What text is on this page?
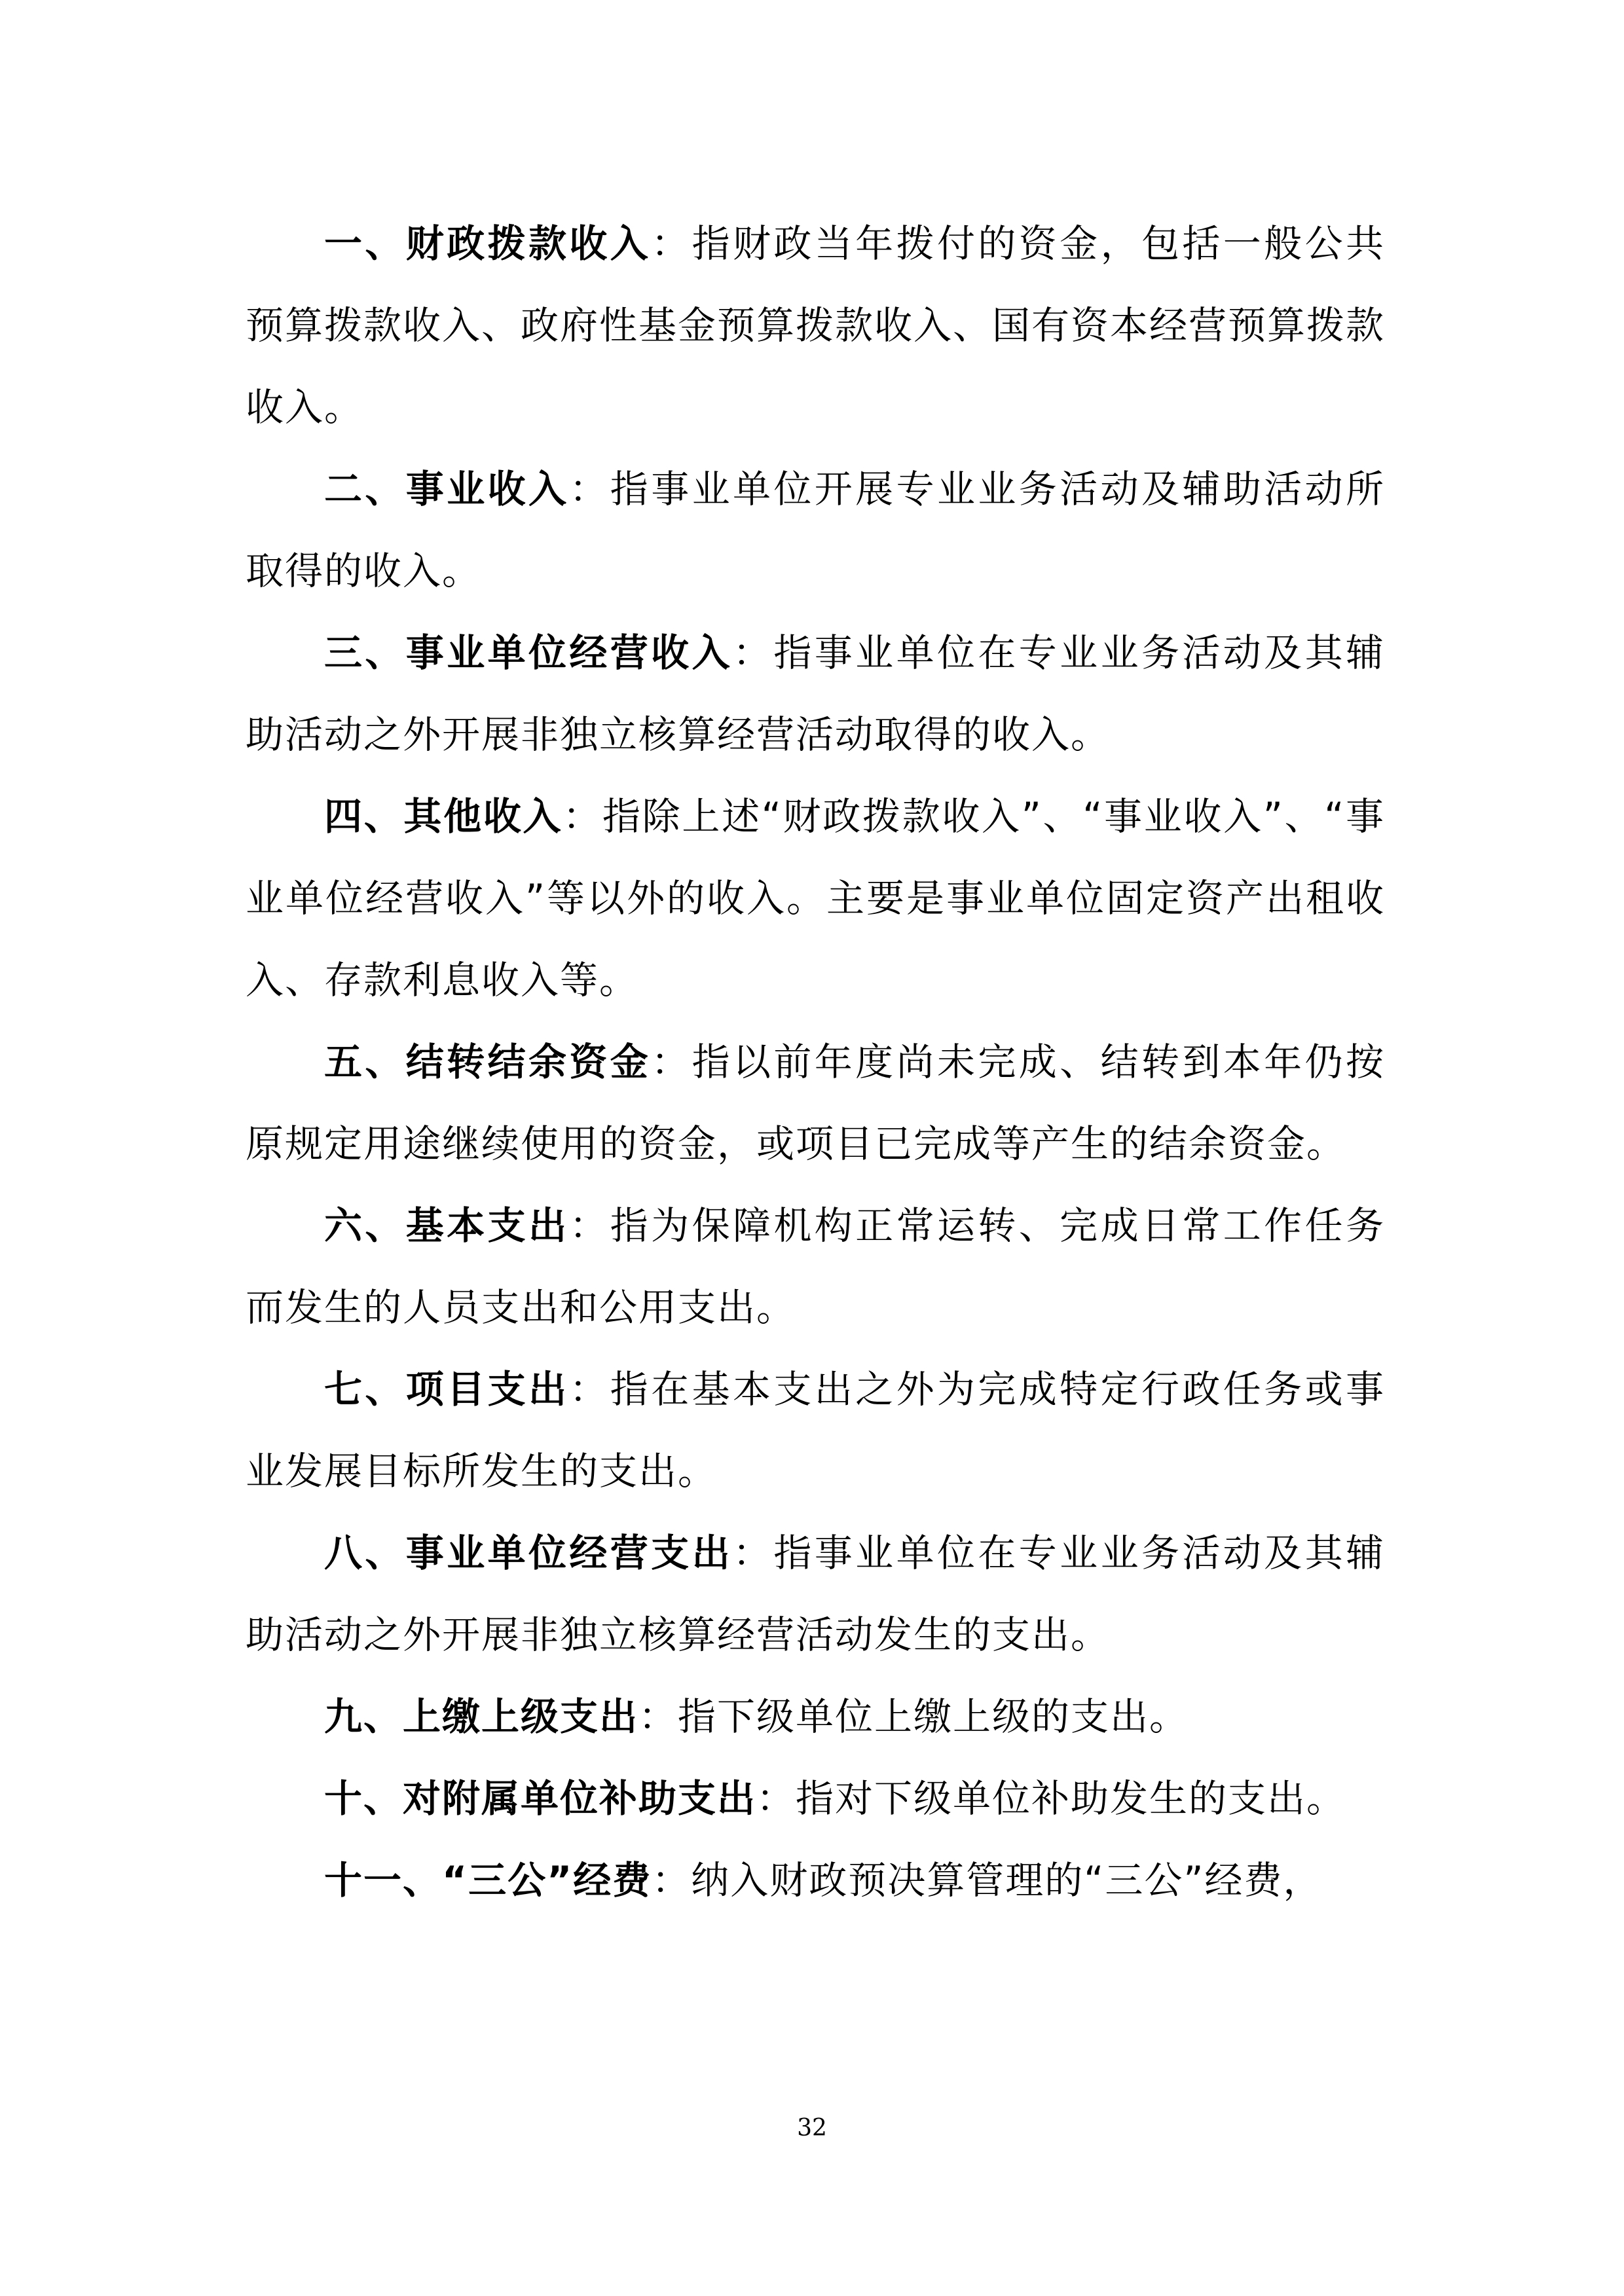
一、财政拨款收入：指财政当年拨付的资金，包括一般公共预算拨款收入、政府性基金预算拨款收入、国有资本经营预算拨款收入。

二、事业收入：指事业单位开展专业业务活动及辅助活动所取得的收入。

三、事业单位经营收入：指事业单位在专业业务活动及其辅助活动之外开展非独立核算经营活动取得的收入。

四、其他收入：指除上述“财政拨款收入”、“事业收入”、“事业单位经营收入”等以外的收入。主要是事业单位固定资产出租收入、存款利息收入等。

五、结转结余资金：指以前年度尚未完成、结转到本年仍按原规定用途继续使用的资金，或项目已完成等产生的结余资金。

六、基本支出：指为保障机构正常运转、完成日常工作任务而发生的人员支出和公用支出。

七、项目支出：指在基本支出之外为完成特定行政任务或事业发展目标所发生的支出。

八、事业单位经营支出：指事业单位在专业业务活动及其辅助活动之外开展非独立核算经营活动发生的支出。

九、上缴上级支出：指下级单位上缴上级的支出。

十、对附属单位补助支出：指对下级单位补助发生的支出。

十一、“三公”经费：纳入财政预决算管理的“三公”经费，

32
